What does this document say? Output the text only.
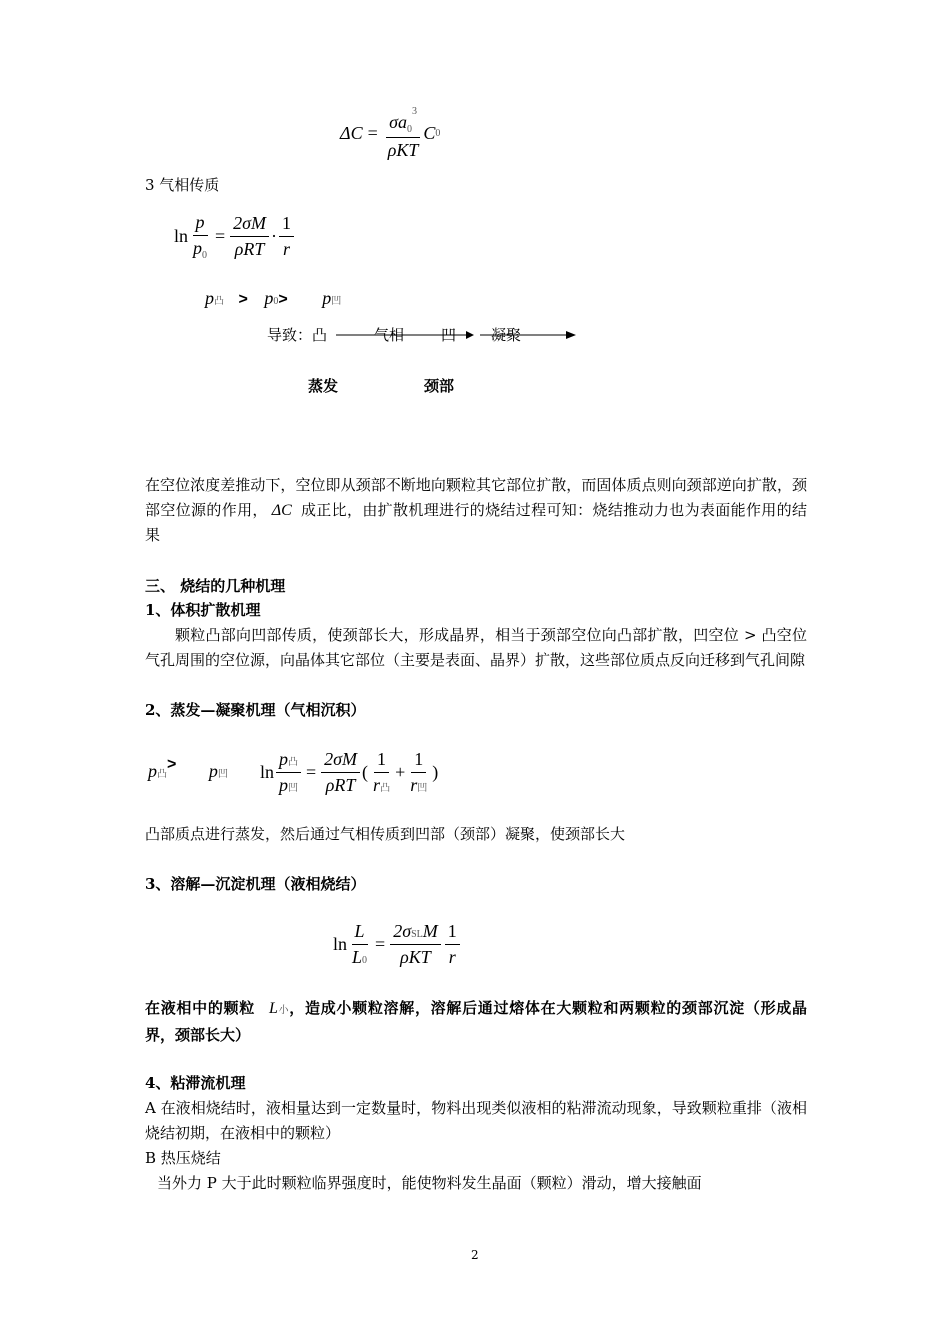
$\Delta C = \frac{\sigma a_0^3}{\text{ρKT}}$ C 0
3 气相传质
$\ln \frac{p}{p_0} = \frac{2\sigma M}{\text{ρRT}} \cdot \frac{1}{r}$
p凸 > p0> p凹
导致：凸	气相 凹 凝聚
蒸发	颈部
在空位浓度差推动下，空位即从颈部不断地向颗粒其它部位扩散，而固体质点则向颈部逆向扩散，颈部空位源的作用， ΔC 成正比，由扩散机理进行的烧结过程可知：烧结推动力也为表面能作用的结果
三、 烧结的几种机理
1、体积扩散机理
颗粒凸部向凹部传质，使颈部长大，形成晶界，相当于颈部空位向凸部扩散，凹空位 > 凸空位 气孔周围的空位源，向晶体其它部位（主要是表面、晶界）扩散，这些部位质点反向迁移到气孔间隙
2、蒸发—凝聚机理（气相沉积）
p凸> p凹 $\ln \frac{\text{p凸}}{\text{p凹}} = \frac{2\sigma M}{\text{ρRT}}$ ( $\frac{1}{\text{r凸}} + \frac{1}{\text{r凹}}$ )
凸部质点进行蒸发，然后通过气相传质到凹部（颈部）凝聚，使颈部长大
3、溶解—沉淀机理（液相烧结）
$\ln \frac{L}{L0} = \frac{\text{2σSLM}}{\text{ρKT}} \frac{1}{r}$
在液相中的颗粒 L小，造成小颗粒溶解，溶解后通过熔体在大颗粒和两颗粒的颈部沉淀（形成晶界，颈部长大）
4、粘滞流机理
A 在液相烧结时，液相量达到一定数量时，物料出现类似液相的粘滞流动现象，导致颗粒重排（液相烧结初期，在液相中的颗粒）
B 热压烧结
当外力 P 大于此时颗粒临界强度时，能使物料发生晶面（颗粒）滑动，增大接触面
2
